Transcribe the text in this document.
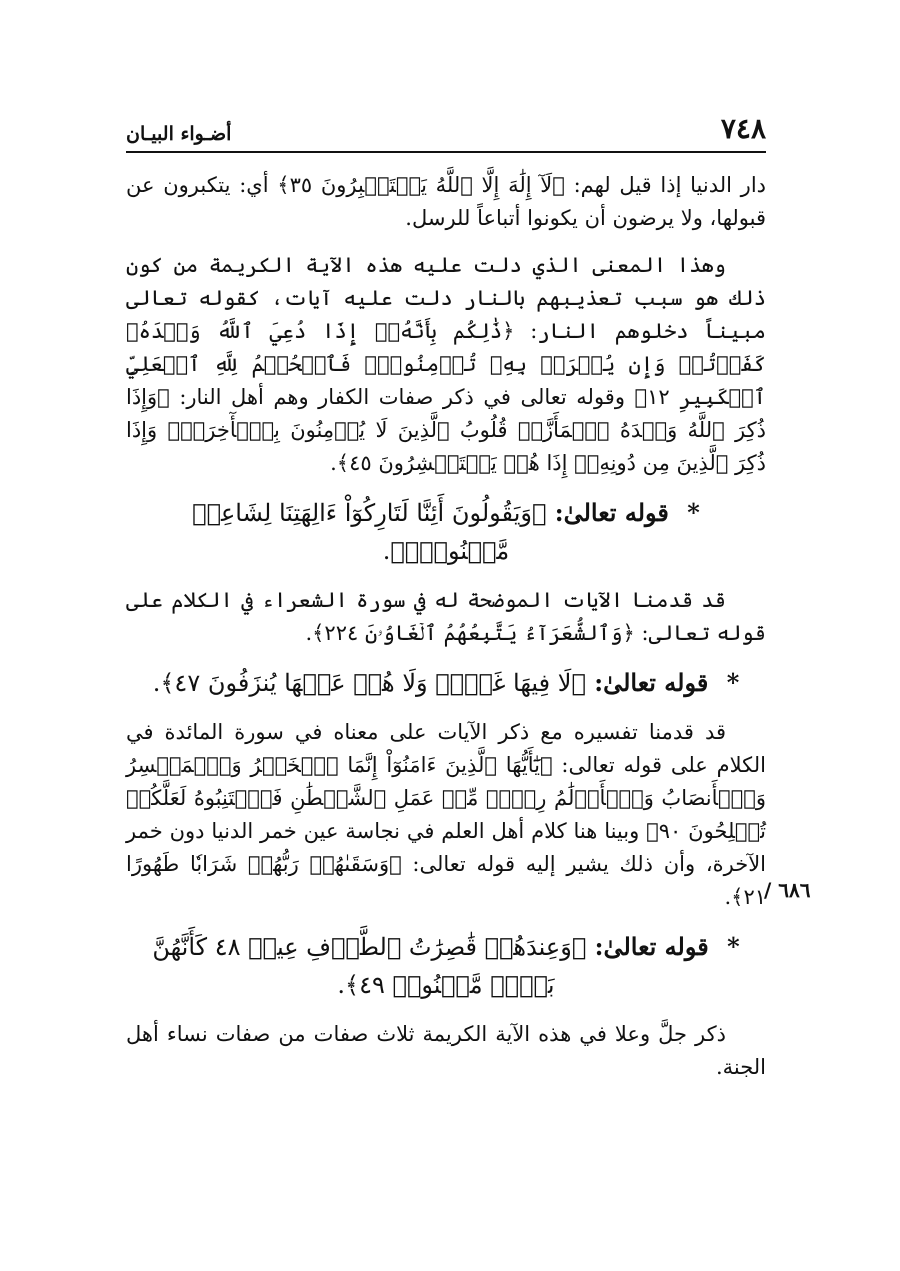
٧٤٨
أضـواء البيـان

دار الدنيا إذا قيل لهم: ﴿لَآ إِلَٰهَ إِلَّا ٱللَّهُ يَسۡتَكۡبِرُونَ ٣٥﴾ أي: يتكبرون عن قبولها، ولا يرضون أن يكونوا أتباعاً للرسل.

وهذا المعنى الذي دلت عليه هذه الآية الكريمة من كون ذلك هو سبب تعذيبهم بالنار دلت عليه آيات، كقوله تعالى مبيناً دخلوهم النار: ﴿ذَٰلِكُم بِأَنَّهُۥٓ إِذَا دُعِيَ ٱللَّهُ وَحۡدَهُۥ كَفَرۡتُمۡ وَإِن يُشۡرَكۡ بِهِۦ تُؤۡمِنُواْۚ فَٱلۡحُكۡمُ لِلَّهِ ٱلۡعَلِيِّ ٱلۡكَبِيرِ ١٢﴾ وقوله تعالى في ذكر صفات الكفار وهم أهل النار: ﴿وَإِذَا ذُكِرَ ٱللَّهُ وَحۡدَهُ ٱشۡمَأَزَّتۡ قُلُوبُ ٱلَّذِينَ لَا يُؤۡمِنُونَ بِٱلۡأٓخِرَةِۖ وَإِذَا ذُكِرَ ٱلَّذِينَ مِن دُونِهِۦٓ إِذَا هُمۡ يَسۡتَبۡشِرُونَ ٤٥﴾.

* قوله تعالىٰ: ﴿وَيَقُولُونَ أَئِنَّا لَتَارِكُوٓاْ ءَالِهَتِنَا لِشَاعِرٖ مَّجۡنُونِۭ﴾.

قد قدمنا الآيات الموضحة له في سورة الشعراء في الكلام على قوله تعالى: ﴿وَٱلشُّعَرَآءُ يَتَّبِعُهُمُ ٱلۡغَاوُۥنَ ٢٢٤﴾.

* قوله تعالىٰ: ﴿لَا فِيهَا غَوۡلٞ وَلَا هُمۡ عَنۡهَا يُنزَفُونَ ٤٧﴾.

قد قدمنا تفسيره مع ذكر الآيات على معناه في سورة المائدة في الكلام على قوله تعالى: ﴿يَٰٓأَيُّهَا ٱلَّذِينَ ءَامَنُوٓاْ إِنَّمَا ٱلۡخَمۡرُ وَٱلۡمَيۡسِرُ وَٱلۡأَنصَابُ وَٱلۡأَزۡلَٰمُ رِجۡسٞ مِّنۡ عَمَلِ ٱلشَّيۡطَٰنِ فَٱجۡتَنِبُوهُ لَعَلَّكُمۡ تُفۡلِحُونَ ٩٠﴾ وبينا هنا كلام أهل العلم في نجاسة عين خمر الدنيا دون خمر الآخرة، وأن ذلك يشير إليه قوله تعالى: ﴿وَسَقَىٰهُمۡ رَبُّهُمۡ شَرَابٗا طَهُورًا ٢١﴾.

* قوله تعالىٰ: ﴿وَعِندَهُمۡ قَٰصِرَٰتُ ٱلطَّرۡفِ عِينٞ ٤٨ كَأَنَّهُنَّ بَيۡضٞ مَّكۡنُونٞ ٤٩﴾.

ذكر جلَّ وعلا في هذه الآية الكريمة ثلاث صفات من صفات نساء أهل الجنة.

٦٨٦ /
